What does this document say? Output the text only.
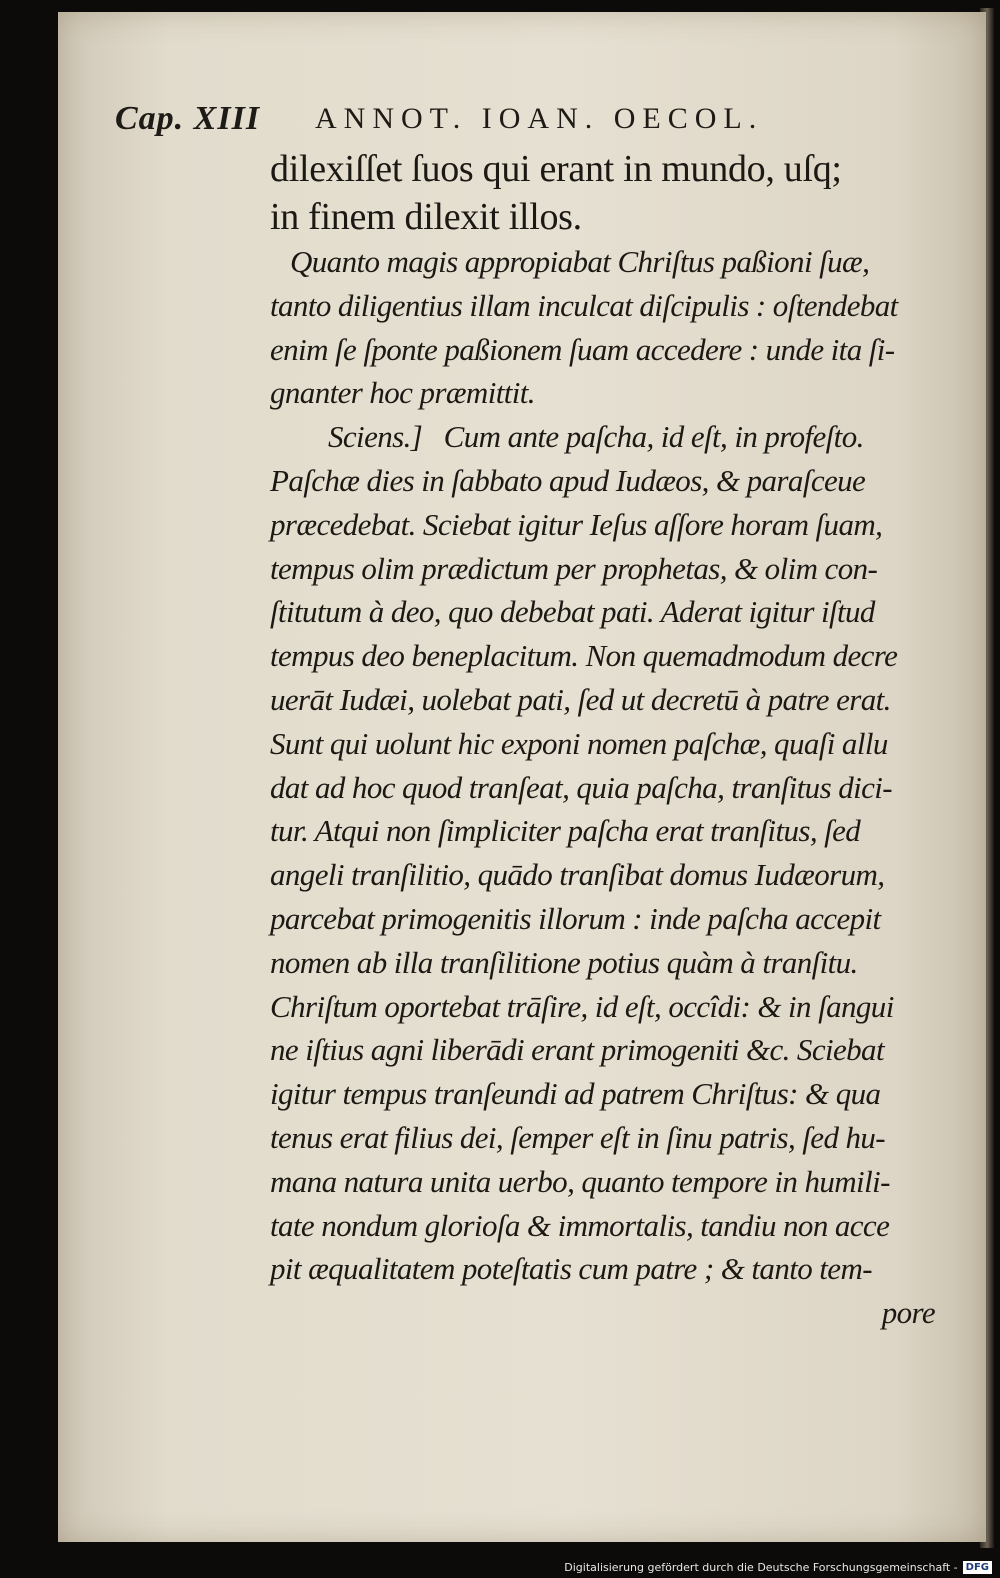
Cap. XIII ANNOT. IOAN. OECOL.
dilexiſſet ſuos qui erant in mundo, uſq;
in finem dilexit illos.
Quanto magis appropiabat Chriſtus paßioni ſuæ,
tanto diligentius illam inculcat diſcipulis : oſtendebat
enim ſe ſponte paßionem ſuam accedere : unde ita ſi-
gnanter hoc præmittit.
Sciens.]   Cum ante paſcha, id eſt, in profeſto.
Paſchæ dies in ſabbato apud Iudæos, & paraſceue
præcedebat. Sciebat igitur Ieſus aſſore horam ſuam,
tempus olim prædictum per prophetas, & olim con-
ſtitutum à deo, quo debebat pati. Aderat igitur iſtud
tempus deo beneplacitum. Non quemadmodum decre
uerāt Iudæi, uolebat pati, ſed ut decretū à patre erat.
Sunt qui uolunt hic exponi nomen paſchæ, quaſi allu
dat ad hoc quod tranſeat, quia paſcha, tranſitus dici-
tur. Atqui non ſimpliciter paſcha erat tranſitus, ſed
angeli tranſilitio, quādo tranſibat domus Iudæorum,
parcebat primogenitis illorum : inde paſcha accepit
nomen ab illa tranſilitione potius quàm à tranſitu.
Chriſtum oportebat trāſire, id eſt, occîdi: & in ſangui
ne iſtius agni liberādi erant primogeniti &c. Sciebat
igitur tempus tranſeundi ad patrem Chriſtus: & qua
tenus erat filius dei, ſemper eſt in ſinu patris, ſed hu-
mana natura unita uerbo, quanto tempore in humili-
tate nondum glorioſa & immortalis, tandiu non acce
pit æqualitatem poteſtatis cum patre ; & tanto tem-
pore
Digitalisierung gefördert durch die Deutsche Forschungsgemeinschaft - DFG
